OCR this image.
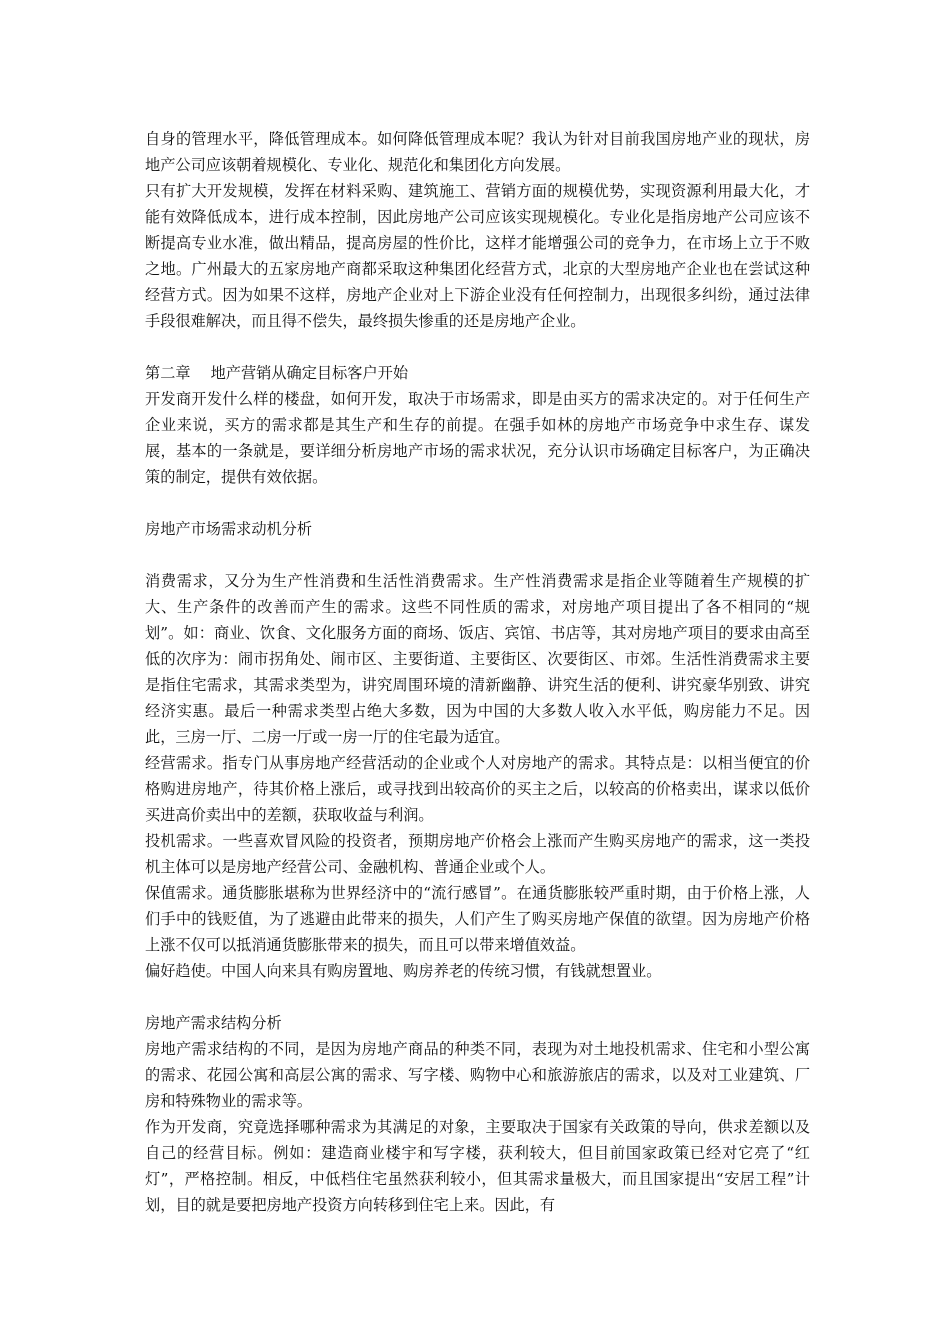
自身的管理水平，降低管理成本。如何降低管理成本呢？我认为针对目前我国房地产业的现状，房地产公司应该朝着规模化、专业化、规范化和集团化方向发展。

只有扩大开发规模，发挥在材料采购、建筑施工、营销方面的规模优势，实现资源利用最大化，才能有效降低成本，进行成本控制，因此房地产公司应该实现规模化。专业化是指房地产公司应该不断提高专业水准，做出精品，提高房屋的性价比，这样才能增强公司的竞争力，在市场上立于不败之地。广州最大的五家房地产商都采取这种集团化经营方式，北京的大型房地产企业也在尝试这种经营方式。因为如果不这样，房地产企业对上下游企业没有任何控制力，出现很多纠纷，通过法律手段很难解决，而且得不偿失，最终损失惨重的还是房地产企业。

第二章　 地产营销从确定目标客户开始

开发商开发什么样的楼盘，如何开发，取决于市场需求，即是由买方的需求决定的。对于任何生产企业来说，买方的需求都是其生产和生存的前提。在强手如林的房地产市场竞争中求生存、谋发展，基本的一条就是，要详细分析房地产市场的需求状况，充分认识市场确定目标客户，为正确决策的制定，提供有效依据。

房地产市场需求动机分析

消费需求，又分为生产性消费和生活性消费需求。生产性消费需求是指企业等随着生产规模的扩大、生产条件的改善而产生的需求。这些不同性质的需求，对房地产项目提出了各不相同的“规划”。如：商业、饮食、文化服务方面的商场、饭店、宾馆、书店等，其对房地产项目的要求由高至低的次序为：闹市拐角处、闹市区、主要街道、主要街区、次要街区、市郊。生活性消费需求主要是指住宅需求，其需求类型为，讲究周围环境的清新幽静、讲究生活的便利、讲究豪华别致、讲究经济实惠。最后一种需求类型占绝大多数，因为中国的大多数人收入水平低，购房能力不足。因此，三房一厅、二房一厅或一房一厅的住宅最为适宜。

经营需求。指专门从事房地产经营活动的企业或个人对房地产的需求。其特点是：以相当便宜的价格购进房地产，待其价格上涨后，或寻找到出较高价的买主之后，以较高的价格卖出，谋求以低价买进高价卖出中的差额，获取收益与利润。

投机需求。一些喜欢冒风险的投资者，预期房地产价格会上涨而产生购买房地产的需求，这一类投机主体可以是房地产经营公司、金融机构、普通企业或个人。

保值需求。通货膨胀堪称为世界经济中的“流行感冒”。在通货膨胀较严重时期，由于价格上涨，人们手中的钱贬值，为了逃避由此带来的损失，人们产生了购买房地产保值的欲望。因为房地产价格上涨不仅可以抵消通货膨胀带来的损失，而且可以带来增值效益。

偏好趋使。中国人向来具有购房置地、购房养老的传统习惯，有钱就想置业。

房地产需求结构分析

房地产需求结构的不同，是因为房地产商品的种类不同，表现为对土地投机需求、住宅和小型公寓的需求、花园公寓和高层公寓的需求、写字楼、购物中心和旅游旅店的需求，以及对工业建筑、厂房和特殊物业的需求等。

作为开发商，究竟选择哪种需求为其满足的对象，主要取决于国家有关政策的导向，供求差额以及自己的经营目标。例如：建造商业楼宇和写字楼，获利较大，但目前国家政策已经对它亮了“红灯”，严格控制。相反，中低档住宅虽然获利较小，但其需求量极大，而且国家提出“安居工程”计划，目的就是要把房地产投资方向转移到住宅上来。因此，有
